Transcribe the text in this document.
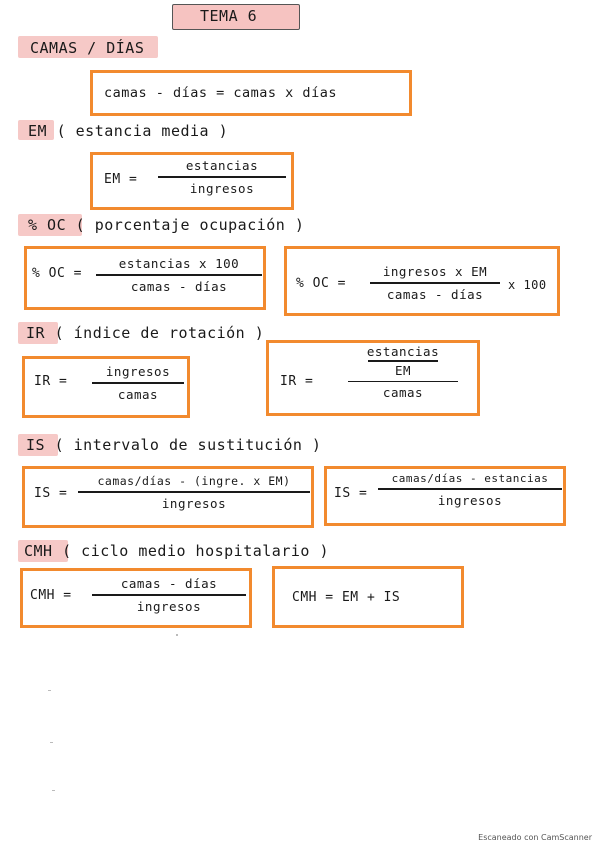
TEMA 6
CAMAS / DÍAS
camas - días = camas x días
EM ( estancia media )
EM =
estancias
ingresos
% OC ( porcentaje ocupación )
% OC =
estancias x 100
camas - días	% OC =
ingresos x EM
camas - días
x 100
IR ( índice de rotación )
IR =
ingresos
camas
IR =
estancias
EM
camas
IS ( intervalo de sustitución )
IS =
camas/días - (ingre. x EM)
ingresos
IS =
camas/días - estancias
ingresos
CMH ( ciclo medio hospitalario )
CMH =
camas - días
ingresos
CMH = EM + IS
Escaneado con CamScanner
